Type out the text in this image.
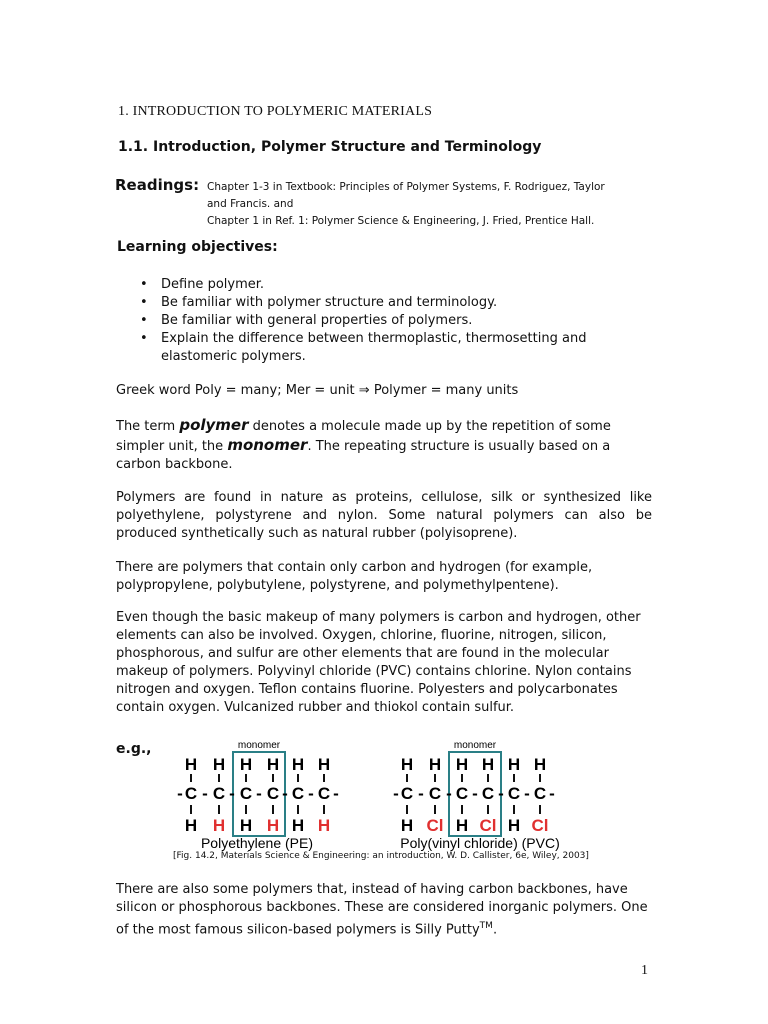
1. INTRODUCTION TO POLYMERIC MATERIALS
1.1. Introduction, Polymer Structure and Terminology
Readings: Chapter 1-3 in Textbook: Principles of Polymer Systems, F. Rodriguez, Taylor
and Francis. and
Chapter 1 in Ref. 1: Polymer Science & Engineering, J. Fried, Prentice Hall.
Learning objectives:
• Define polymer.
• Be familiar with polymer structure and terminology.
• Be familiar with general properties of polymers.
• Explain the difference between thermoplastic, thermosetting and elastomeric polymers.
Greek word Poly = many; Mer = unit ⇒ Polymer = many units
The term polymer denotes a molecule made up by the repetition of some simpler unit, the monomer. The repeating structure is usually based on a carbon backbone.
Polymers are found in nature as proteins, cellulose, silk or synthesized like polyethylene, polystyrene and nylon. Some natural polymers can also be produced synthetically such as natural rubber (polyisoprene).
There are polymers that contain only carbon and hydrogen (for example, polypropylene, polybutylene, polystyrene, and polymethylpentene).
Even though the basic makeup of many polymers is carbon and hydrogen, other elements can also be involved. Oxygen, chlorine, fluorine, nitrogen, silicon, phosphorous, and sulfur are other elements that are found in the molecular makeup of polymers. Polyvinyl chloride (PVC) contains chlorine. Nylon contains nitrogen and oxygen. Teflon contains fluorine. Polyesters and polycarbonates contain oxygen. Vulcanized rubber and thiokol contain sulfur.
e.g.,	monomer	monomer
H H H H H H
- C - C - C - C - C - C -
H H H H H H
H H H H H H
- C - C - C - C - C - C -
H Cl H Cl H Cl
Polyethylene (PE)	Poly(vinyl chloride) (PVC)
[Fig. 14.2, Materials Science & Engineering: an introduction, W. D. Callister, 6e, Wiley, 2003]
There are also some polymers that, instead of having carbon backbones, have silicon or phosphorous backbones. These are considered inorganic polymers. One of the most famous silicon-based polymers is Silly Putty™.
1
